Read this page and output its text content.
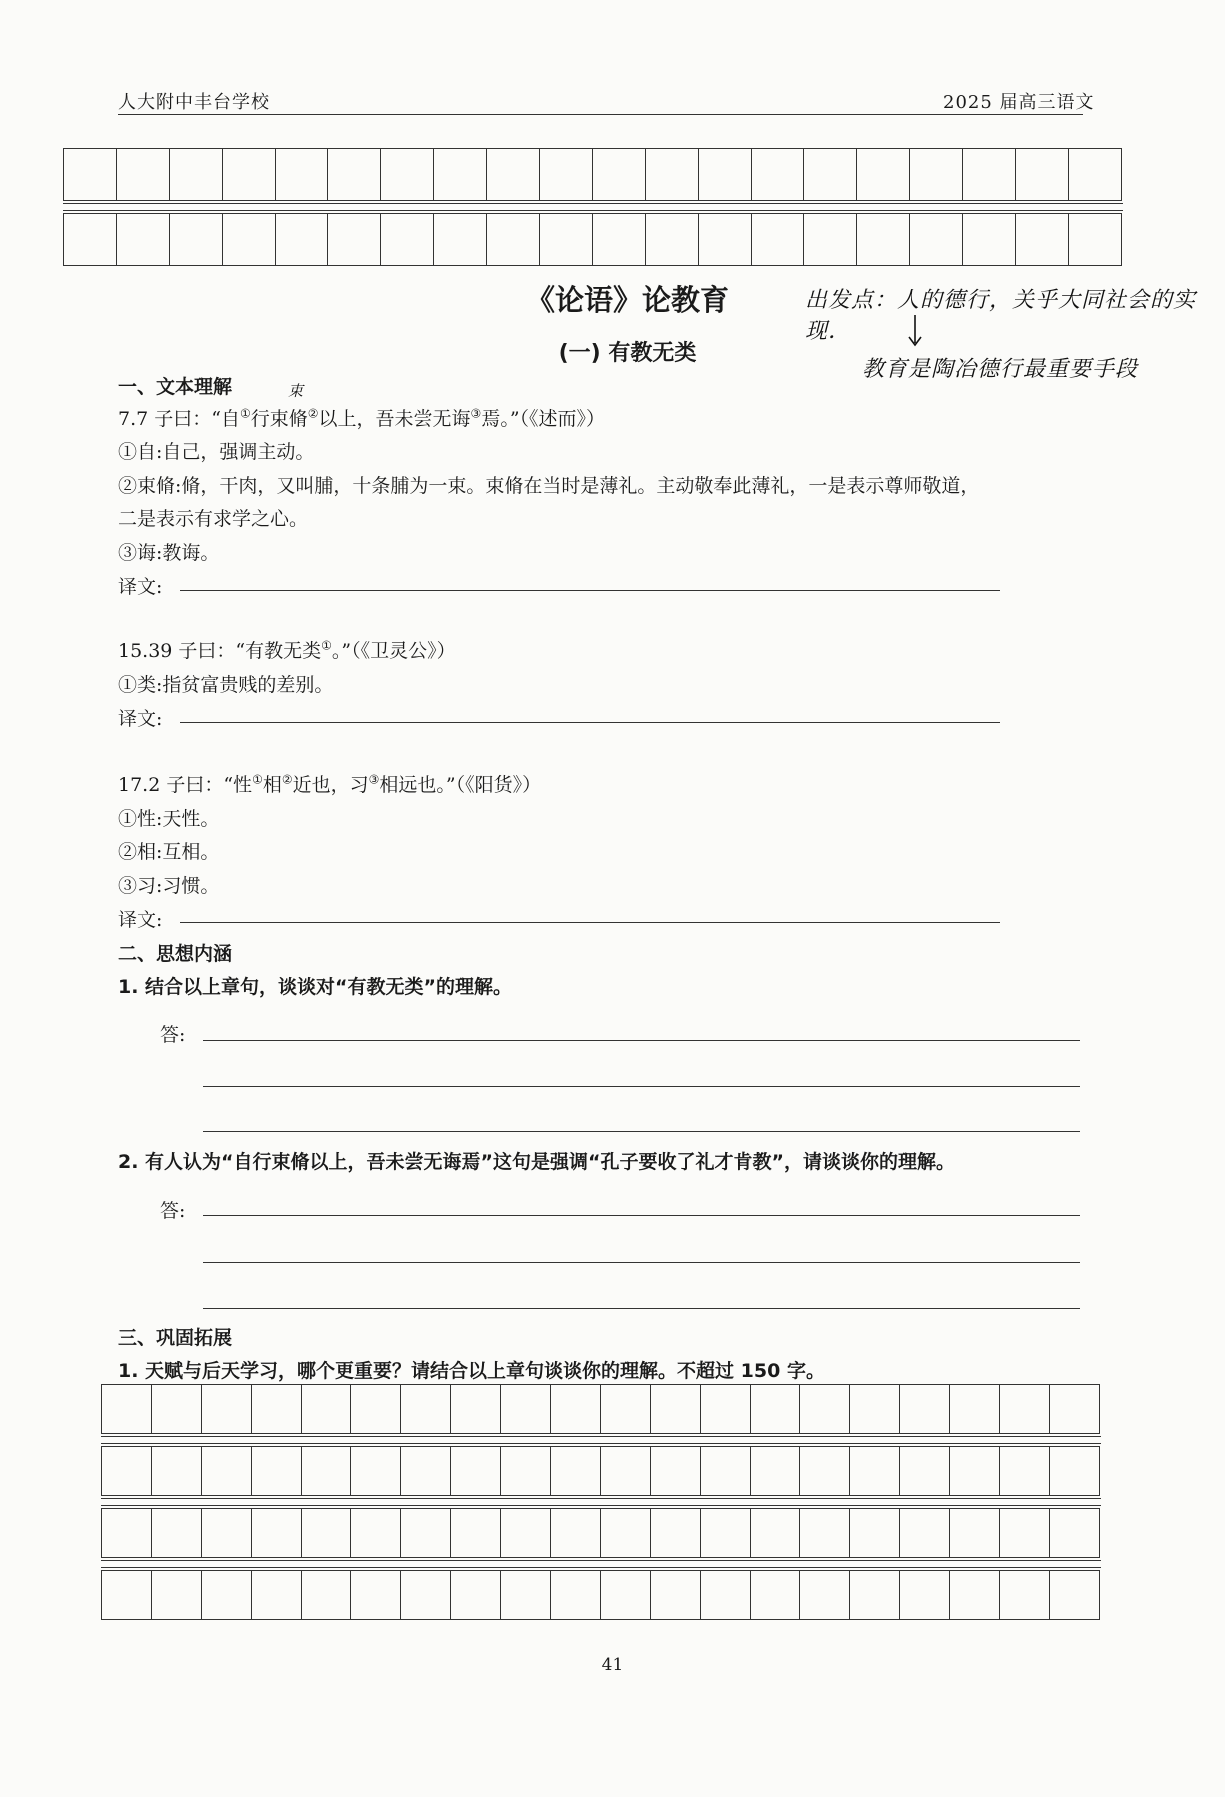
人大附中丰台学校	2025 届高三语文
《论语》论教育
(一) 有教无类
出发点：人的德行，关乎大同社会的实现．
教育是陶冶德行最重要手段
束
一、文本理解
7.7 子曰：“自①行束脩②以上，吾未尝无诲③焉。”（《述而》）
①自:自己，强调主动。
②束脩:脩，干肉，又叫脯，十条脯为一束。束脩在当时是薄礼。主动敬奉此薄礼，一是表示尊师敬道，
二是表示有求学之心。
③诲:教诲。
译文:
15.39 子曰：“有教无类①。”（《卫灵公》）
①类:指贫富贵贱的差别。
译文:
17.2 子曰：“性①相②近也，习③相远也。”（《阳货》）
①性:天性。
②相:互相。
③习:习惯。
译文:
二、思想内涵
1. 结合以上章句，谈谈对“有教无类”的理解。
答:
2. 有人认为“自行束脩以上，吾未尝无诲焉”这句是强调“孔子要收了礼才肯教”，请谈谈你的理解。
答:
三、巩固拓展
1. 天赋与后天学习，哪个更重要？请结合以上章句谈谈你的理解。不超过 150 字。
41
